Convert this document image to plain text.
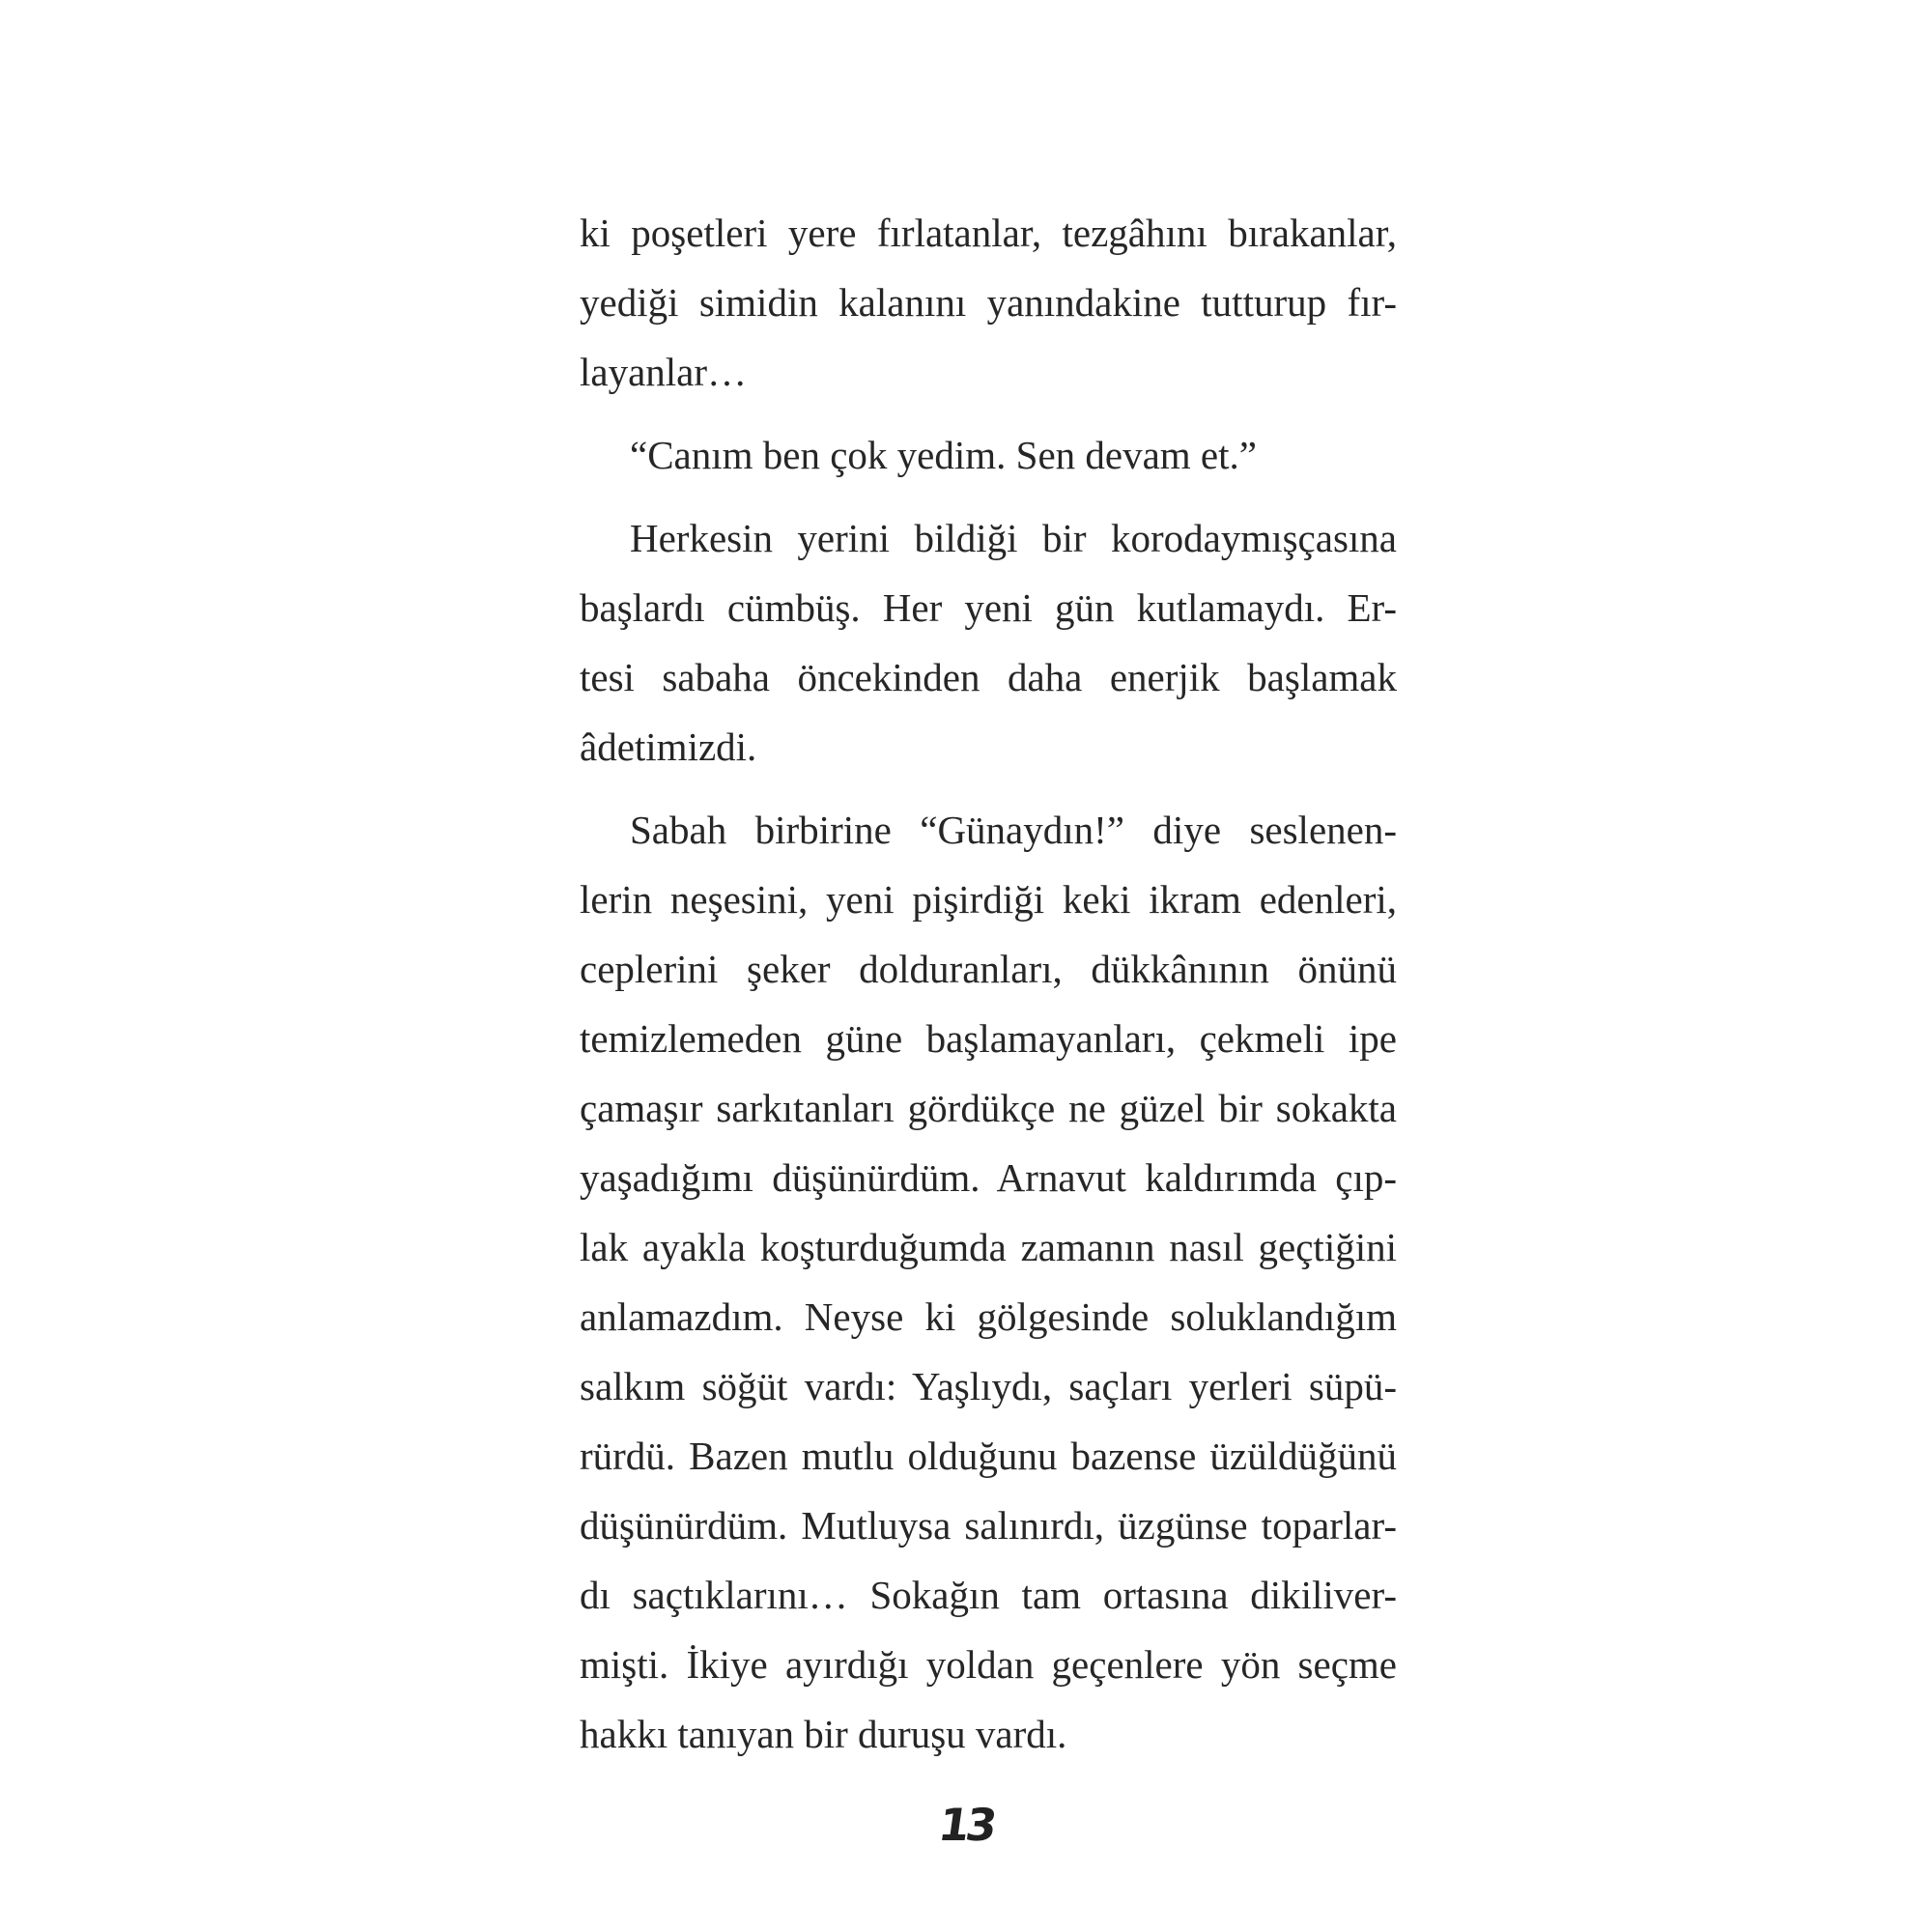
ki poşetleri yere fırlatanlar, tezgâhını bırakanlar,
yediği simidin kalanını yanındakine tutturup fır-
layanlar…
“Canım ben çok yedim. Sen devam et.”
Herkesin yerini bildiği bir korodaymışçasına
başlardı cümbüş. Her yeni gün kutlamaydı. Er-
tesi sabaha öncekinden daha enerjik başlamak
âdetimizdi.
Sabah birbirine “Günaydın!” diye seslenen-
lerin neşesini, yeni pişirdiği keki ikram edenleri,
ceplerini şeker dolduranları, dükkânının önünü
temizlemeden güne başlamayanları, çekmeli ipe
çamaşır sarkıtanları gördükçe ne güzel bir sokakta
yaşadığımı düşünürdüm. Arnavut kaldırımda çıp-
lak ayakla koşturduğumda zamanın nasıl geçtiğini
anlamazdım. Neyse ki gölgesinde soluklandığım
salkım söğüt vardı: Yaşlıydı, saçları yerleri süpü-
rürdü. Bazen mutlu olduğunu bazense üzüldüğünü
düşünürdüm. Mutluysa salınırdı, üzgünse toparlar-
dı saçtıklarını… Sokağın tam ortasına dikiliver-
mişti. İkiye ayırdığı yoldan geçenlere yön seçme
hakkı tanıyan bir duruşu vardı.
13
